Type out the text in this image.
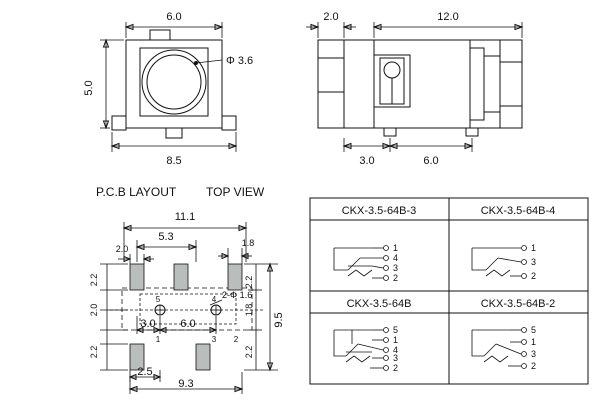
6.0
5.0
8.5
Φ 3.6
2.0	12.0
3.0	6.0
P.C.B LAYOUT TOP VIEW
11.1
5.3
2.0
1.8
9.5
2.2
2.0
2.2
2.2
1.8
2.2
2-Φ 1.6
3.0 6.0
2.5
9.3
5	4
1	3 2
CKX-3.5-64B-3	CKX-3.5-64B-4
CKX-3.5-64B	CKX-3.5-64B-2
1
4
3
2
1
3
2
5
1
4
3
2
5
1
3
2
